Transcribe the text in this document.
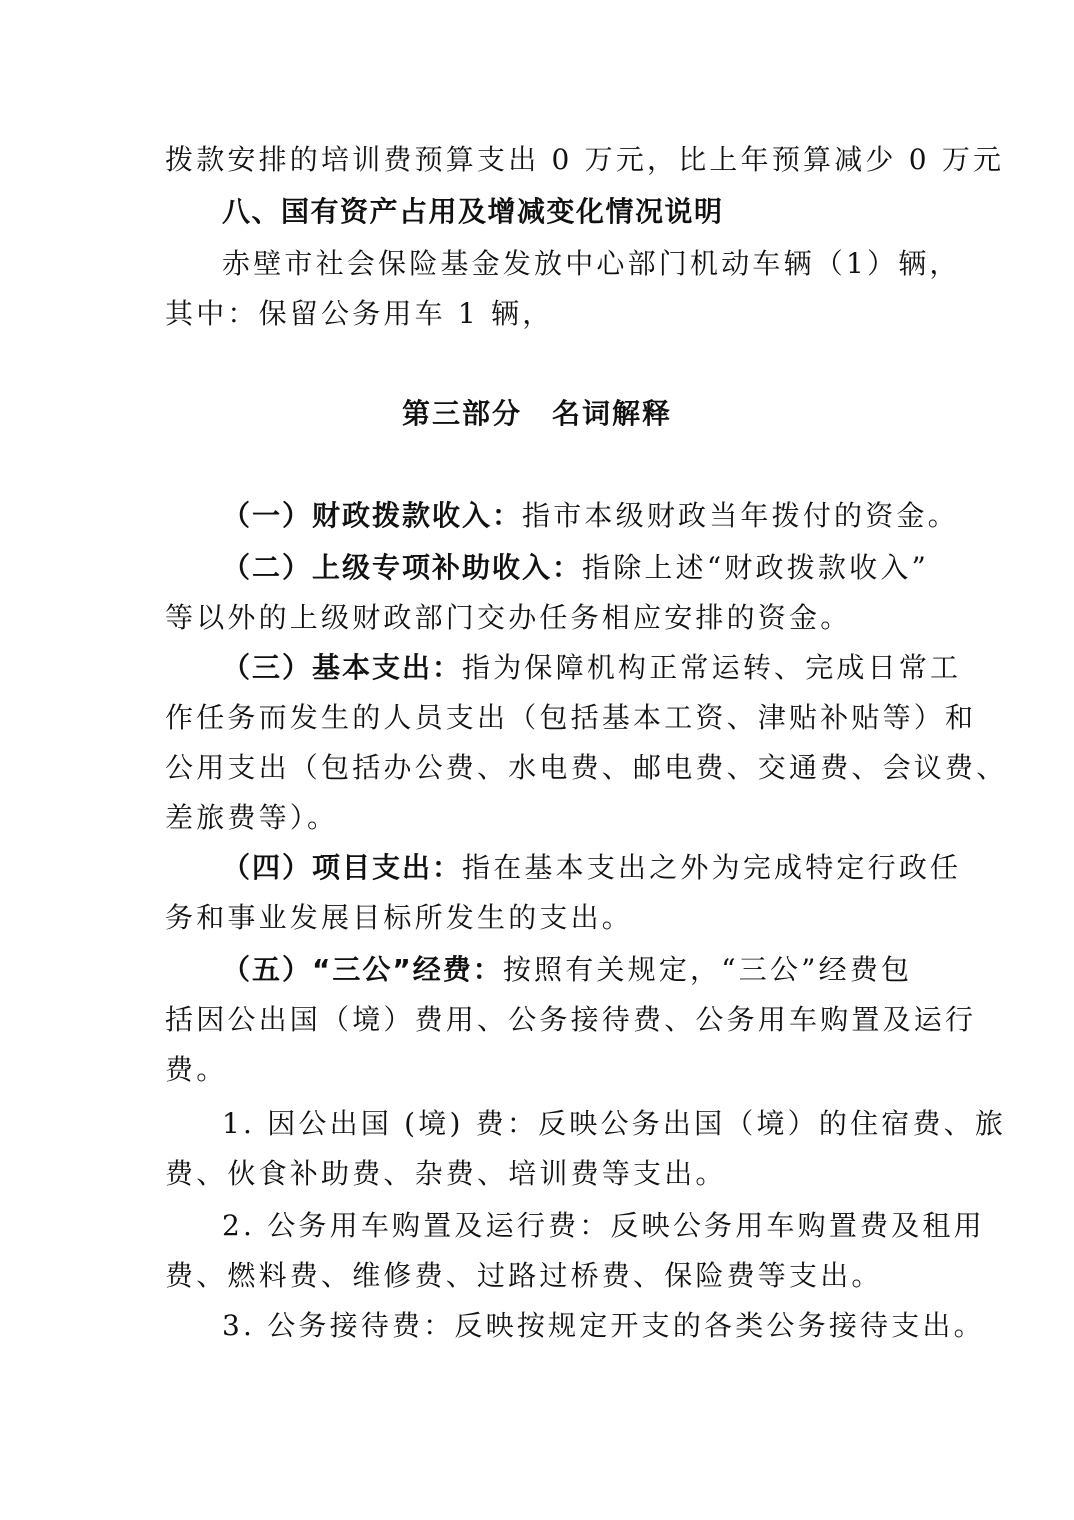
拨款安排的培训费预算支出 0 万元，比上年预算减少 0 万元
八、国有资产占用及增减变化情况说明
赤壁市社会保险基金发放中心部门机动车辆（1）辆，
其中：保留公务用车 1 辆，
第三部分　名词解释
（一）财政拨款收入：指市本级财政当年拨付的资金。
（二）上级专项补助收入：指除上述“财政拨款收入”
等以外的上级财政部门交办任务相应安排的资金。
（三）基本支出：指为保障机构正常运转、完成日常工
作任务而发生的人员支出（包括基本工资、津贴补贴等）和
公用支出（包括办公费、水电费、邮电费、交通费、会议费、
差旅费等）。
（四）项目支出：指在基本支出之外为完成特定行政任
务和事业发展目标所发生的支出。
（五）“三公”经费：按照有关规定，“三公”经费包
括因公出国（境）费用、公务接待费、公务用车购置及运行
费。
1. 因公出国 (境) 费：反映公务出国（境）的住宿费、旅
费、伙食补助费、杂费、培训费等支出。
2. 公务用车购置及运行费：反映公务用车购置费及租用
费、燃料费、维修费、过路过桥费、保险费等支出。
3. 公务接待费：反映按规定开支的各类公务接待支出。
